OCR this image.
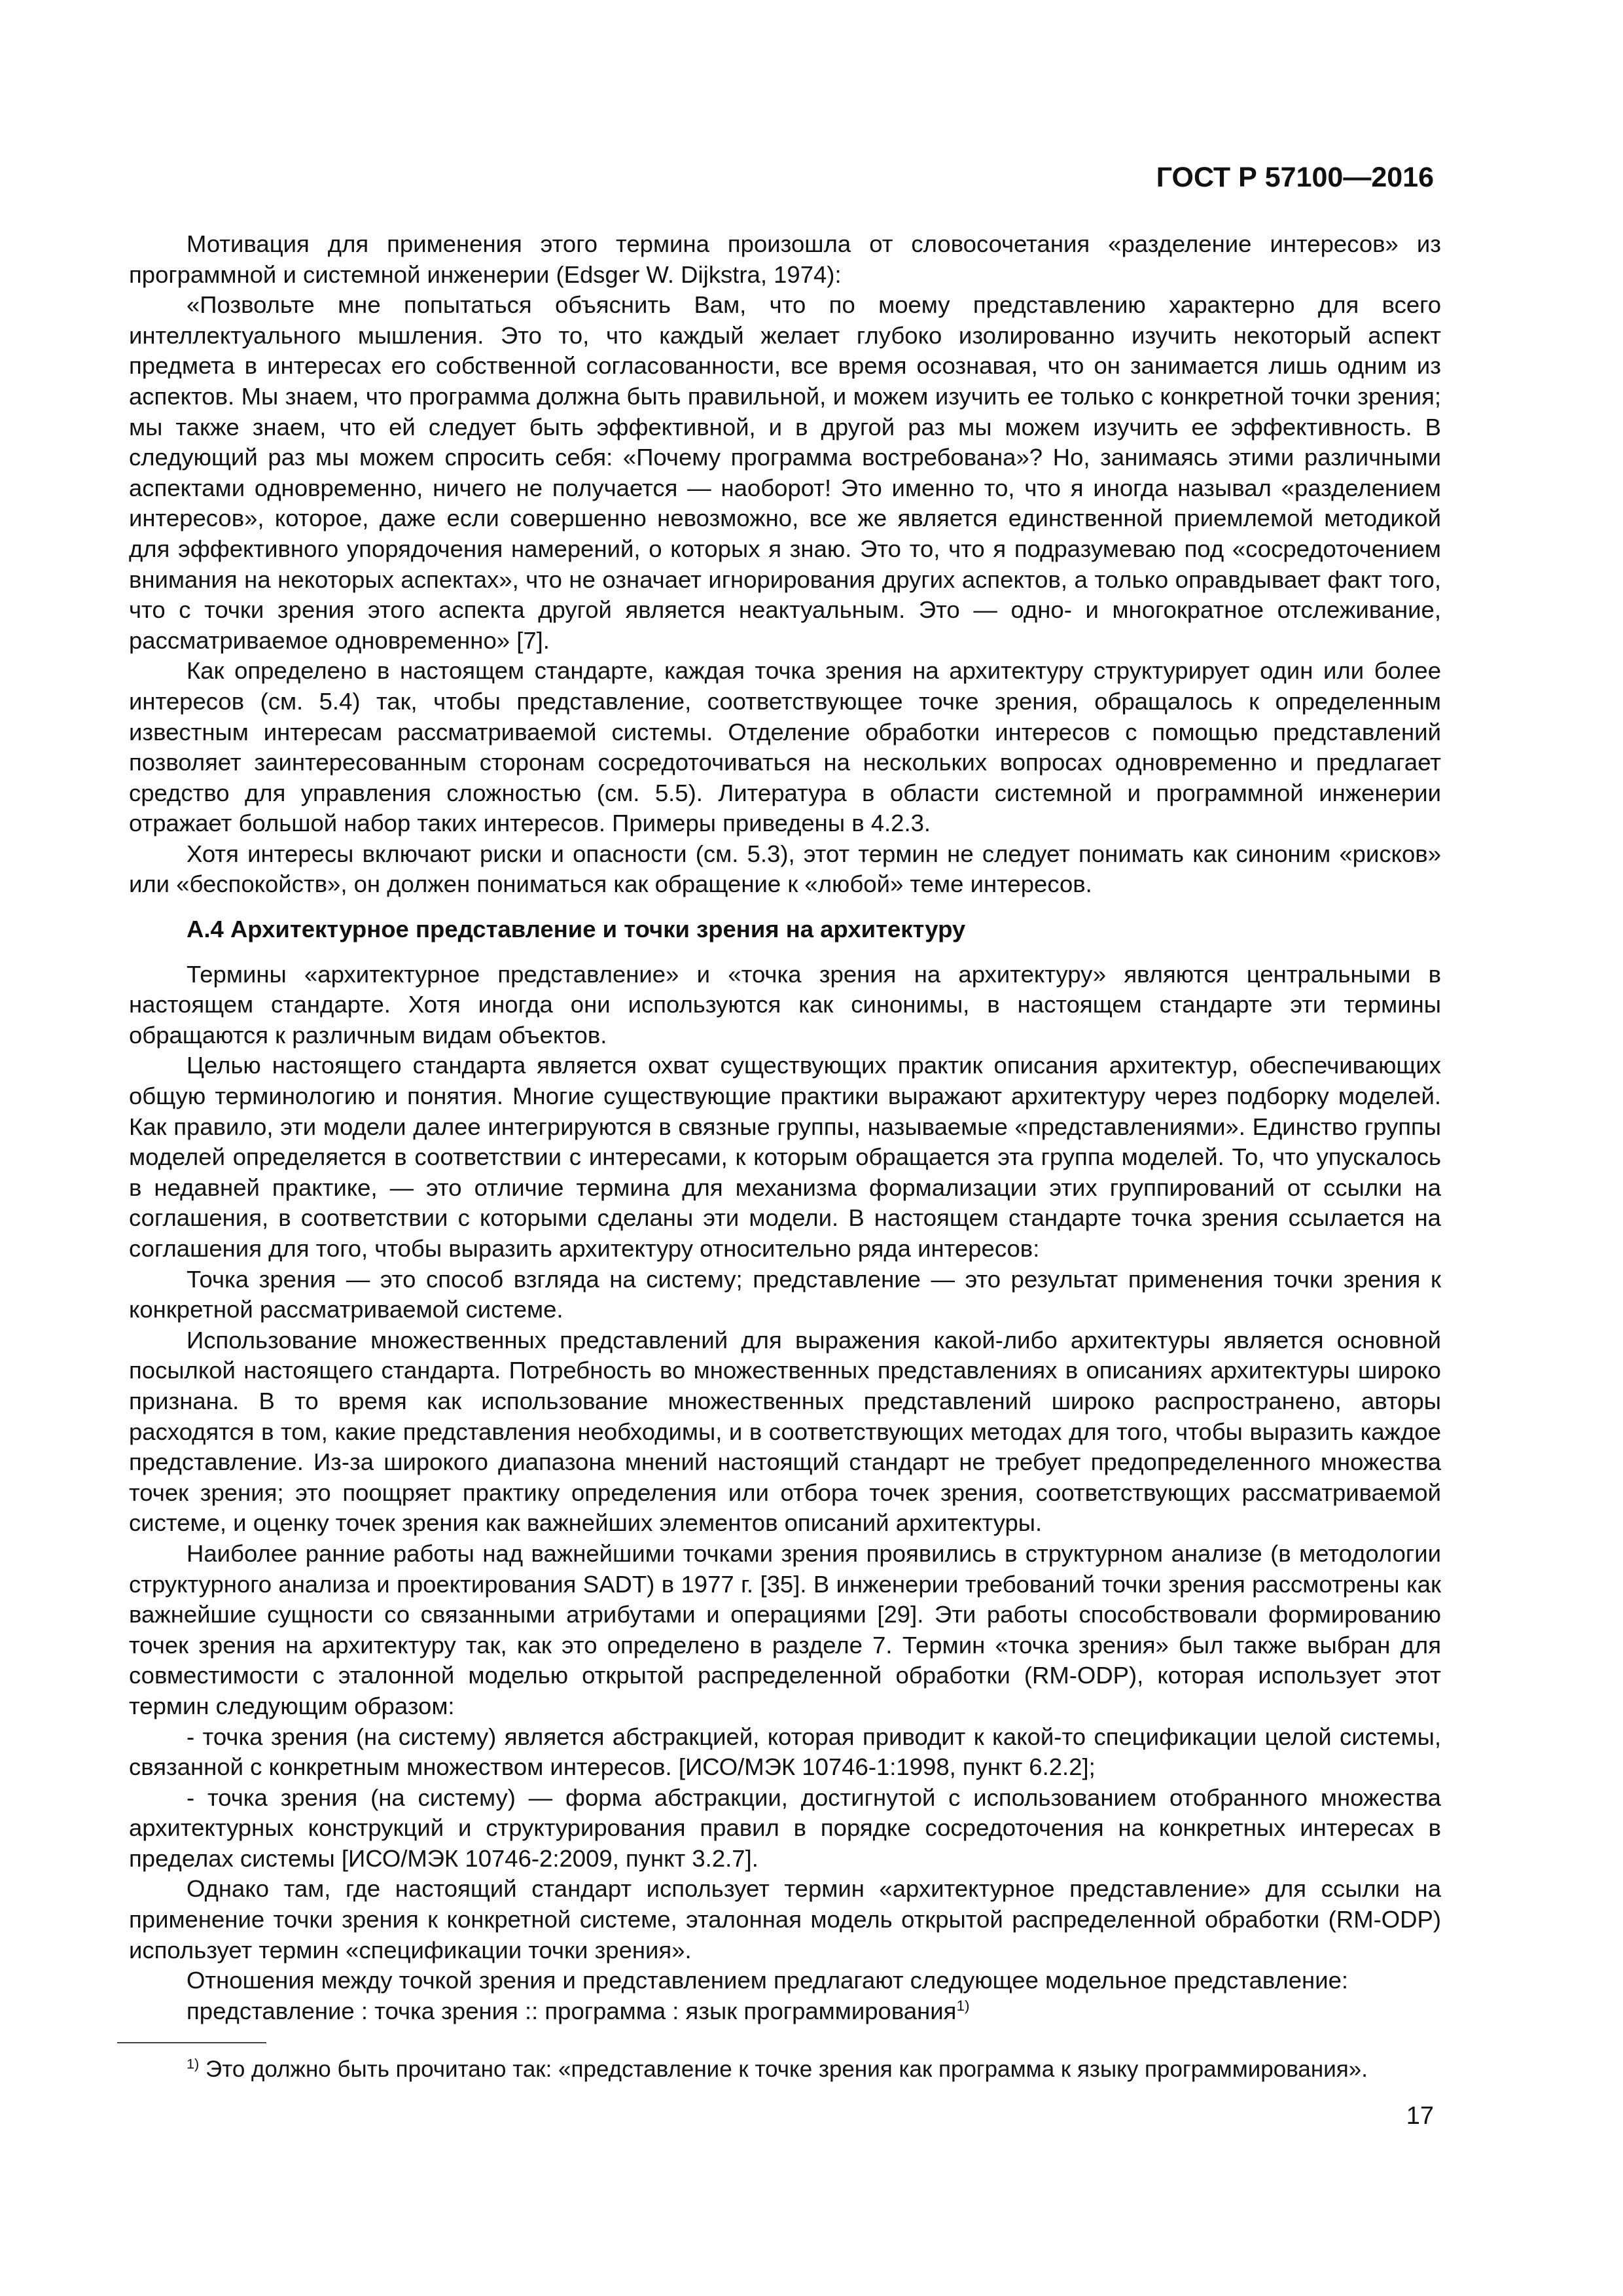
ГОСТ Р 57100—2016

Мотивация для применения этого термина произошла от словосочетания «разделение интересов» из программной и системной инженерии (Edsger W. Dijkstra, 1974):

«Позвольте мне попытаться объяснить Вам, что по моему представлению характерно для всего интеллектуального мышления. Это то, что каждый желает глубоко изолированно изучить некоторый аспект предмета в интересах его собственной согласованности, все время осознавая, что он занимается лишь одним из аспектов. Мы знаем, что программа должна быть правильной, и можем изучить ее только с конкретной точки зрения; мы также знаем, что ей следует быть эффективной, и в другой раз мы можем изучить ее эффективность. В следующий раз мы можем спросить себя: «Почему программа востребована»? Но, занимаясь этими различными аспектами одновременно, ничего не получается — наоборот! Это именно то, что я иногда называл «разделением интересов», которое, даже если совершенно невозможно, все же является единственной приемлемой методикой для эффективного упорядочения намерений, о которых я знаю. Это то, что я подразумеваю под «сосредоточением внимания на некоторых аспектах», что не означает игнорирования других аспектов, а только оправдывает факт того, что с точки зрения этого аспекта другой является неактуальным. Это — одно- и многократное отслеживание, рассматриваемое одновременно» [7].

Как определено в настоящем стандарте, каждая точка зрения на архитектуру структурирует один или более интересов (см. 5.4) так, чтобы представление, соответствующее точке зрения, обращалось к определенным известным интересам рассматриваемой системы. Отделение обработки интересов с помощью представлений позволяет заинтересованным сторонам сосредоточиваться на нескольких вопросах одновременно и предлагает средство для управления сложностью (см. 5.5). Литература в области системной и программной инженерии отражает большой набор таких интересов. Примеры приведены в 4.2.3.

Хотя интересы включают риски и опасности (см. 5.3), этот термин не следует понимать как синоним «рисков» или «беспокойств», он должен пониматься как обращение к «любой» теме интересов.

А.4 Архитектурное представление и точки зрения на архитектуру

Термины «архитектурное представление» и «точка зрения на архитектуру» являются центральными в настоящем стандарте. Хотя иногда они используются как синонимы, в настоящем стандарте эти термины обращаются к различным видам объектов.

Целью настоящего стандарта является охват существующих практик описания архитектур, обеспечивающих общую терминологию и понятия. Многие существующие практики выражают архитектуру через подборку моделей. Как правило, эти модели далее интегрируются в связные группы, называемые «представлениями». Единство группы моделей определяется в соответствии с интересами, к которым обращается эта группа моделей. То, что упускалось в недавней практике, — это отличие термина для механизма формализации этих группирований от ссылки на соглашения, в соответствии с которыми сделаны эти модели. В настоящем стандарте точка зрения ссылается на соглашения для того, чтобы выразить архитектуру относительно ряда интересов:

Точка зрения — это способ взгляда на систему; представление — это результат применения точки зрения к конкретной рассматриваемой системе.

Использование множественных представлений для выражения какой-либо архитектуры является основной посылкой настоящего стандарта. Потребность во множественных представлениях в описаниях архитектуры широко признана. В то время как использование множественных представлений широко распространено, авторы расходятся в том, какие представления необходимы, и в соответствующих методах для того, чтобы выразить каждое представление. Из-за широкого диапазона мнений настоящий стандарт не требует предопределенного множества точек зрения; это поощряет практику определения или отбора точек зрения, соответствующих рассматриваемой системе, и оценку точек зрения как важнейших элементов описаний архитектуры.

Наиболее ранние работы над важнейшими точками зрения проявились в структурном анализе (в методологии структурного анализа и проектирования SADT) в 1977 г. [35]. В инженерии требований точки зрения рассмотрены как важнейшие сущности со связанными атрибутами и операциями [29]. Эти работы способствовали формированию точек зрения на архитектуру так, как это определено в разделе 7. Термин «точка зрения» был также выбран для совместимости с эталонной моделью открытой распределенной обработки (RM-ODP), которая использует этот термин следующим образом:

- точка зрения (на систему) является абстракцией, которая приводит к какой-то спецификации целой системы, связанной с конкретным множеством интересов. [ИСО/МЭК 10746-1:1998, пункт 6.2.2];

- точка зрения (на систему) — форма абстракции, достигнутой с использованием отобранного множества архитектурных конструкций и структурирования правил в порядке сосредоточения на конкретных интересах в пределах системы [ИСО/МЭК 10746-2:2009, пункт 3.2.7].

Однако там, где настоящий стандарт использует термин «архитектурное представление» для ссылки на применение точки зрения к конкретной системе, эталонная модель открытой распределенной обработки (RM-ODP) использует термин «спецификации точки зрения».

Отношения между точкой зрения и представлением предлагают следующее модельное представление:

представление : точка зрения :: программа : язык программирования$^{1)}$

$^{1)}$ Это должно быть прочитано так: «представление к точке зрения как программа к языку программирования».
17
